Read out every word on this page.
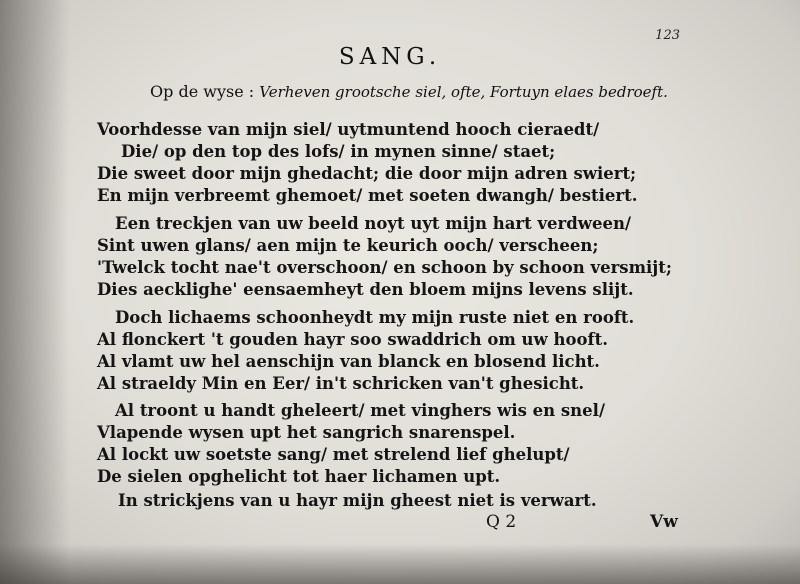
123
SANG.
Op de wyse : Verheven grootsche siel, ofte, Fortuyn elaes bedroeft.
Voorhdesse van mijn siel/ uytmuntend hooch cieraedt/
Die/ op den top des lofs/ in mynen sinne/ staet;
Die sweet door mijn ghedacht; die door mijn adren swiert;
En mijn verbreemt ghemoet/ met soeten dwangh/ bestiert.
Een treckjen van uw beeld noyt uyt mijn hart verdween/
Sint uwen glans/ aen mijn te keurich ooch/ verscheen;
'Twelck tocht nae't overschoon/ en schoon by schoon versmijt;
Dies aecklighe' eensaemheyt den bloem mijns levens slijt.
Doch lichaems schoonheydt my mijn ruste niet en rooft.
Al flonckert 't gouden hayr soo swaddrich om uw hooft.
Al vlamt uw hel aenschijn van blanck en blosend licht.
Al straeldy Min en Eer/ in't schricken van't ghesicht.
Al troont u handt gheleert/ met vinghers wis en snel/
Vlapende wysen upt het sangrich snarenspel.
Al lockt uw soetste sang/ met strelend lief ghelupt/
De sielen opghelicht tot haer lichamen upt.
In strickjens van u hayr mijn gheest niet is verwart.
Q 2	Vw
